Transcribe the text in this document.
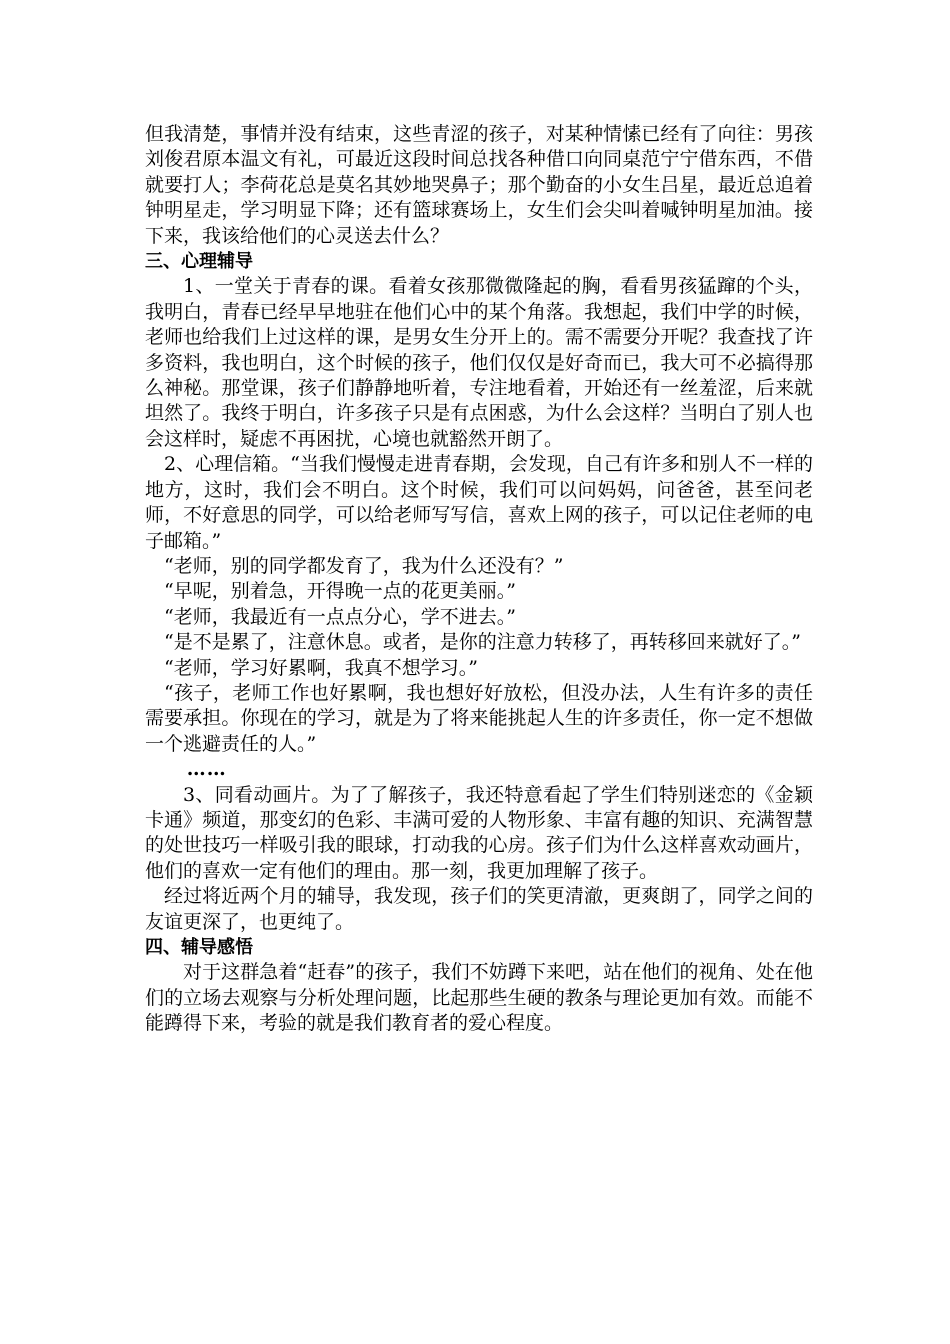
但我清楚，事情并没有结束，这些青涩的孩子，对某种情愫已经有了向往：男孩刘俊君原本温文有礼，可最近这段时间总找各种借口向同桌范宁宁借东西，不借就要打人；李荷花总是莫名其妙地哭鼻子；那个勤奋的小女生吕星，最近总追着钟明星走，学习明显下降；还有篮球赛场上，女生们会尖叫着喊钟明星加油。接下来，我该给他们的心灵送去什么？

三、心理辅导

1、一堂关于青春的课。看着女孩那微微隆起的胸，看看男孩猛蹿的个头，我明白，青春已经早早地驻在他们心中的某个角落。我想起，我们中学的时候，老师也给我们上过这样的课，是男女生分开上的。需不需要分开呢？我查找了许多资料，我也明白，这个时候的孩子，他们仅仅是好奇而已，我大可不必搞得那么神秘。那堂课，孩子们静静地听着，专注地看着，开始还有一丝羞涩，后来就坦然了。我终于明白，许多孩子只是有点困惑，为什么会这样？当明白了别人也会这样时，疑虑不再困扰，心境也就豁然开朗了。

2、心理信箱。“当我们慢慢走进青春期，会发现，自己有许多和别人不一样的地方，这时，我们会不明白。这个时候，我们可以问妈妈，问爸爸，甚至问老师，不好意思的同学，可以给老师写写信，喜欢上网的孩子，可以记住老师的电子邮箱。”

“老师，别的同学都发育了，我为什么还没有？”

“早呢，别着急，开得晚一点的花更美丽。”

“老师，我最近有一点点分心，学不进去。”

“是不是累了，注意休息。或者，是你的注意力转移了，再转移回来就好了。”

“老师，学习好累啊，我真不想学习。”

“孩子，老师工作也好累啊，我也想好好放松，但没办法，人生有许多的责任需要承担。你现在的学习，就是为了将来能挑起人生的许多责任，你一定不想做一个逃避责任的人。”

……

3、同看动画片。为了了解孩子，我还特意看起了学生们特别迷恋的《金颖卡通》频道，那变幻的色彩、丰满可爱的人物形象、丰富有趣的知识、充满智慧的处世技巧一样吸引我的眼球，打动我的心房。孩子们为什么这样喜欢动画片，他们的喜欢一定有他们的理由。那一刻，我更加理解了孩子。

经过将近两个月的辅导，我发现，孩子们的笑更清澈，更爽朗了，同学之间的友谊更深了，也更纯了。

四、辅导感悟

对于这群急着“赶春”的孩子，我们不妨蹲下来吧，站在他们的视角、处在他们的立场去观察与分析处理问题，比起那些生硬的教条与理论更加有效。而能不能蹲得下来，考验的就是我们教育者的爱心程度。
